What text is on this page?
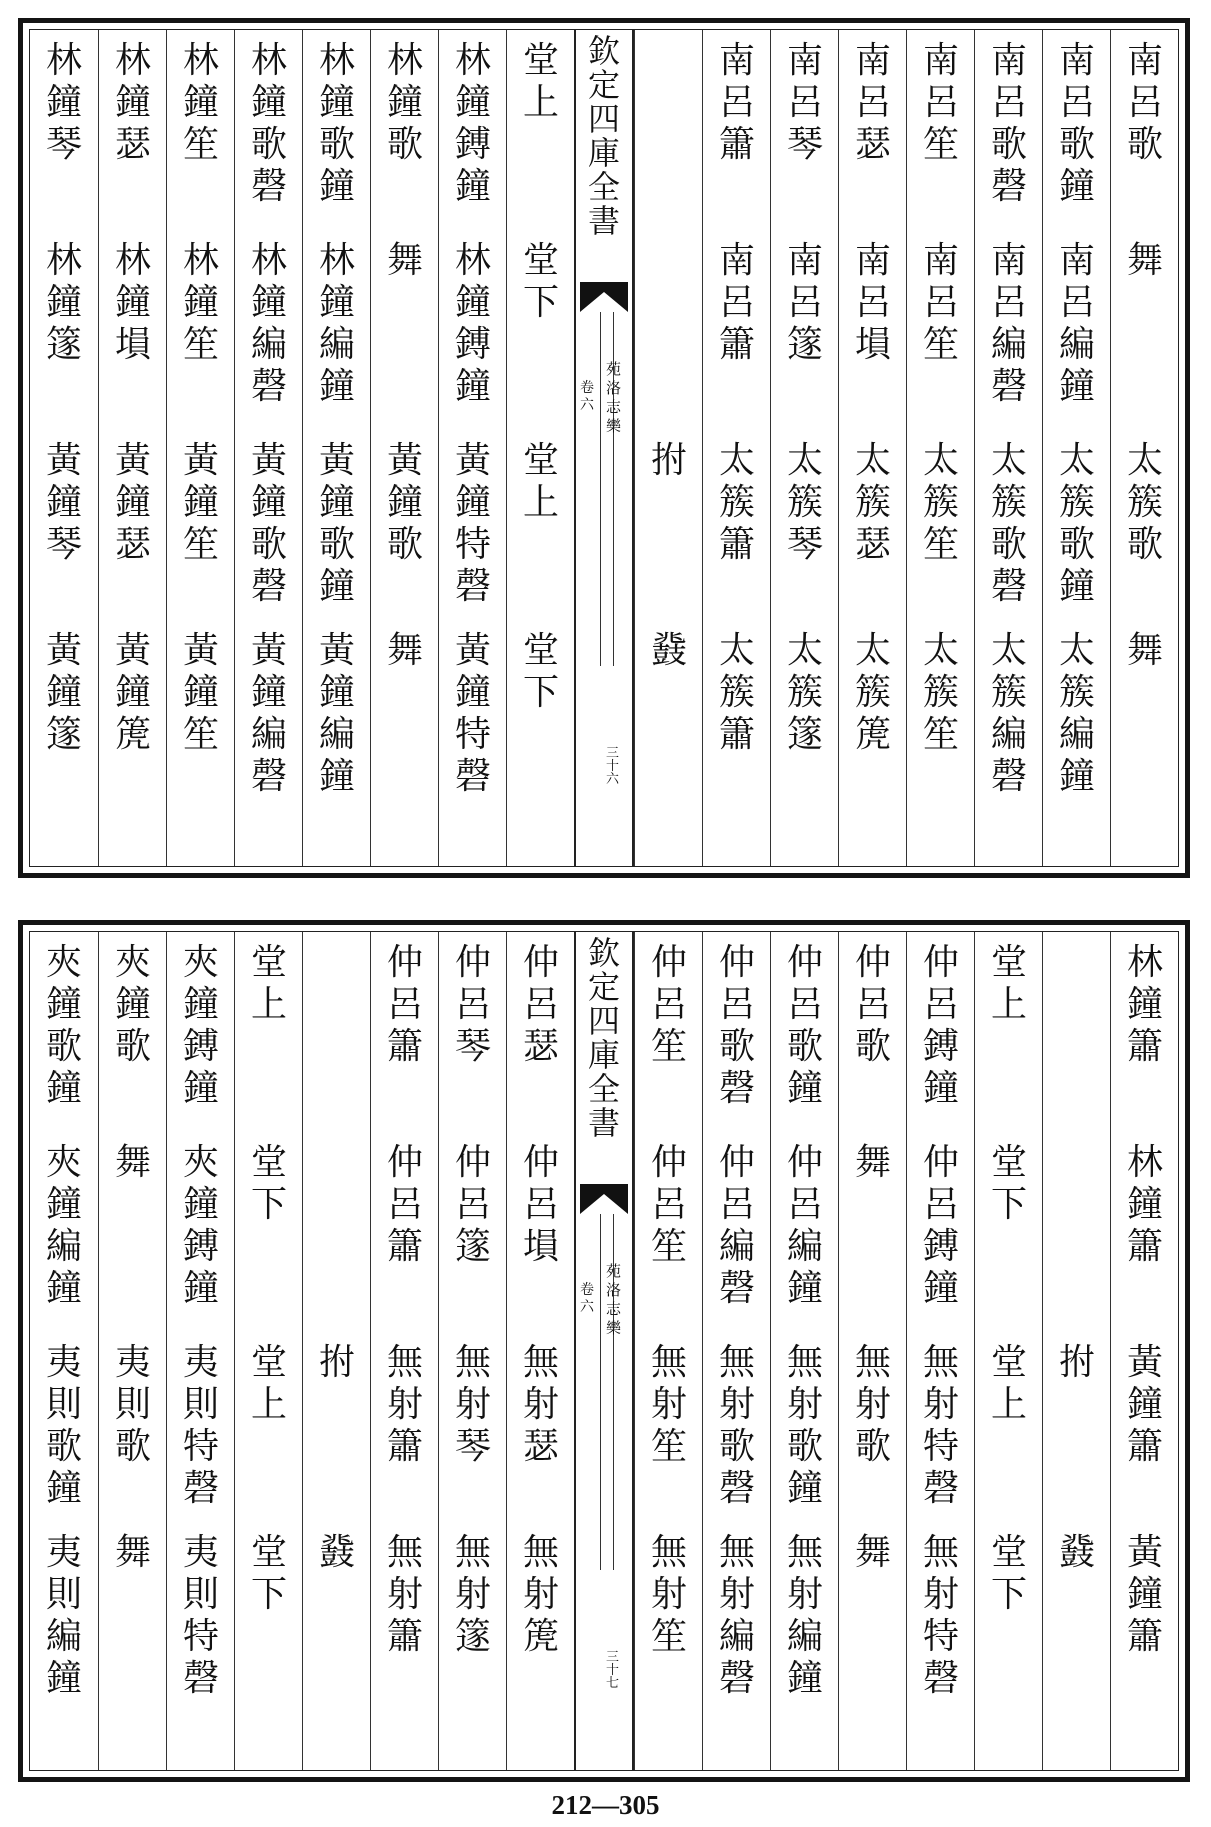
南
呂
歌
舞
太
簇
歌
舞
南
呂
歌
鐘
南
呂
編
鐘
太
簇
歌
鐘
太
簇
編
鐘
南
呂
歌
磬
南
呂
編
磬
太
簇
歌
磬
太
簇
編
磬
南
呂
笙
南
呂
笙
太
簇
笙
太
簇
笙
南
呂
瑟
南
呂
塤
太
簇
瑟
太
簇
箎
南
呂
琴
南
呂
篴
太
簇
琴
太
簇
篴
南
呂
簫
南
呂
簫
太
簇
簫
太
簇
簫
拊
鼗
堂
上
堂
下
堂
上
堂
下
林
鐘
鎛
鐘
林
鐘
鎛
鐘
黃
鐘
特
磬
黃
鐘
特
磬
林
鐘
歌
舞
黃
鐘
歌
舞
林
鐘
歌
鐘
林
鐘
編
鐘
黃
鐘
歌
鐘
黃
鐘
編
鐘
林
鐘
歌
磬
林
鐘
編
磬
黃
鐘
歌
磬
黃
鐘
編
磬
林
鐘
笙
林
鐘
笙
黃
鐘
笙
黃
鐘
笙
林
鐘
瑟
林
鐘
塤
黃
鐘
瑟
黃
鐘
箎
林
鐘
琴
林
鐘
篴
黃
鐘
琴
黃
鐘
篴
欽
定
四
庫
全
書
苑
洛
志
樂
卷
六
三
十
六
林
鐘
簫
林
鐘
簫
黃
鐘
簫
黃
鐘
簫
拊
鼗
堂
上
堂
下
堂
上
堂
下
仲
呂
鎛
鐘
仲
呂
鎛
鐘
無
射
特
磬
無
射
特
磬
仲
呂
歌
舞
無
射
歌
舞
仲
呂
歌
鐘
仲
呂
編
鐘
無
射
歌
鐘
無
射
編
鐘
仲
呂
歌
磬
仲
呂
編
磬
無
射
歌
磬
無
射
編
磬
仲
呂
笙
仲
呂
笙
無
射
笙
無
射
笙
仲
呂
瑟
仲
呂
塤
無
射
瑟
無
射
箎
仲
呂
琴
仲
呂
篴
無
射
琴
無
射
篴
仲
呂
簫
仲
呂
簫
無
射
簫
無
射
簫
拊
鼗
堂
上
堂
下
堂
上
堂
下
夾
鐘
鎛
鐘
夾
鐘
鎛
鐘
夷
則
特
磬
夷
則
特
磬
夾
鐘
歌
舞
夷
則
歌
舞
夾
鐘
歌
鐘
夾
鐘
編
鐘
夷
則
歌
鐘
夷
則
編
鐘
欽
定
四
庫
全
書
苑
洛
志
樂
卷
六
三
十
七
212—305
